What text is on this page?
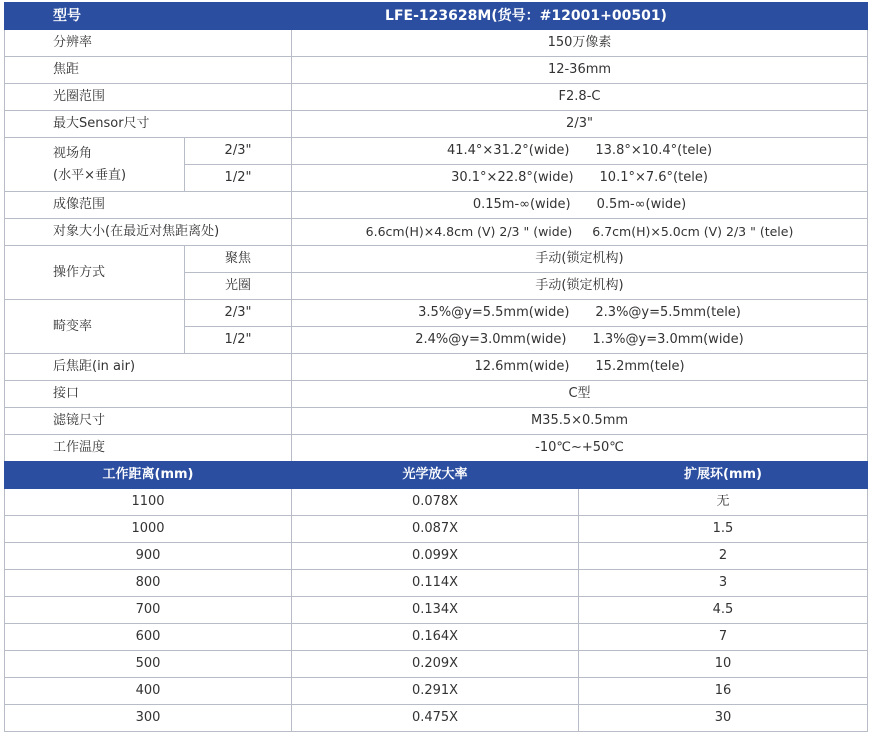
型号	LFE-123628M(货号：#12001+00501)	
分辨率		150万像素
焦距		12-36mm
光圈范围		F2.8-C
最大Sensor尺寸		2/3"

视场角
(水平×垂直)	2/3"	41.4°×31.2°(wide) 13.8°×10.4°(tele)
	1/2"	30.1°×22.8°(wide) 10.1°×7.6°(tele)
成像范围		0.15m-∞(wide) 0.5m-∞(wide)
对象大小(在最近对焦距离处)		6.6cm(H)×4.8cm (V) 2/3 " (wide) 6.7cm(H)×5.0cm (V) 2/3 " (tele)
操作方式	聚焦	手动(锁定机构)
	光圈	手动(锁定机构)
畸变率	2/3"	3.5%@y=5.5mm(wide) 2.3%@y=5.5mm(tele)
	1/2"	2.4%@y=3.0mm(wide) 1.3%@y=3.0mm(wide)
后焦距(in air)		12.6mm(wide) 15.2mm(tele)
接口		C型
滤镜尺寸		M35.5×0.5mm
工作温度		-10℃~+50℃
工作距离(mm)	光学放大率	扩展环(mm)
1100	0.078X	无
1000	0.087X	1.5
900	0.099X	2
800	0.114X	3
700	0.134X	4.5
600	0.164X	7
500	0.209X	10
400	0.291X	16
300	0.475X	30
